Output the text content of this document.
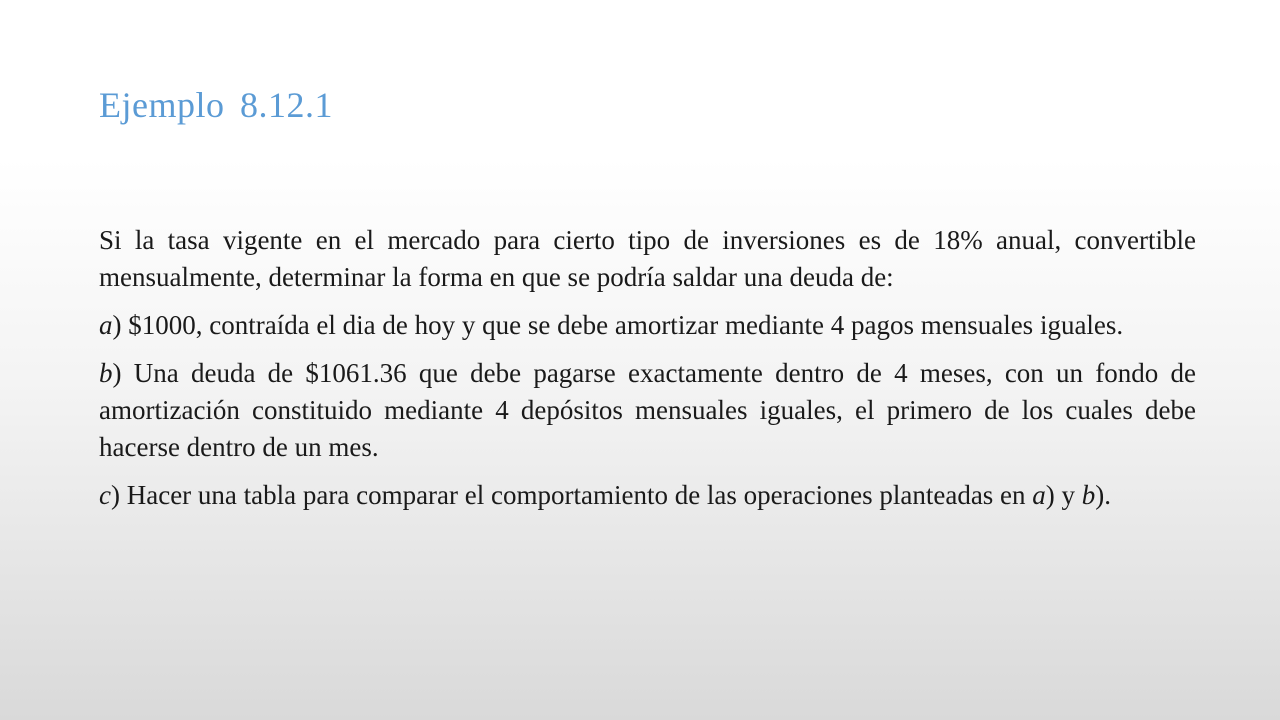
Ejemplo 8.12.1

Si la tasa vigente en el mercado para cierto tipo de inversiones es de 18% anual, convertible mensualmente, determinar la forma en que se podría saldar una deuda de:

a) $1000, contraída el dia de hoy y que se debe amortizar mediante 4 pagos mensuales iguales.

b) Una deuda de $1061.36 que debe pagarse exactamente dentro de 4 meses, con un fondo de amortización constituido mediante 4 depósitos mensuales iguales, el primero de los cuales debe hacerse dentro de un mes.

c) Hacer una tabla para comparar el comportamiento de las operaciones planteadas en a) y b).
